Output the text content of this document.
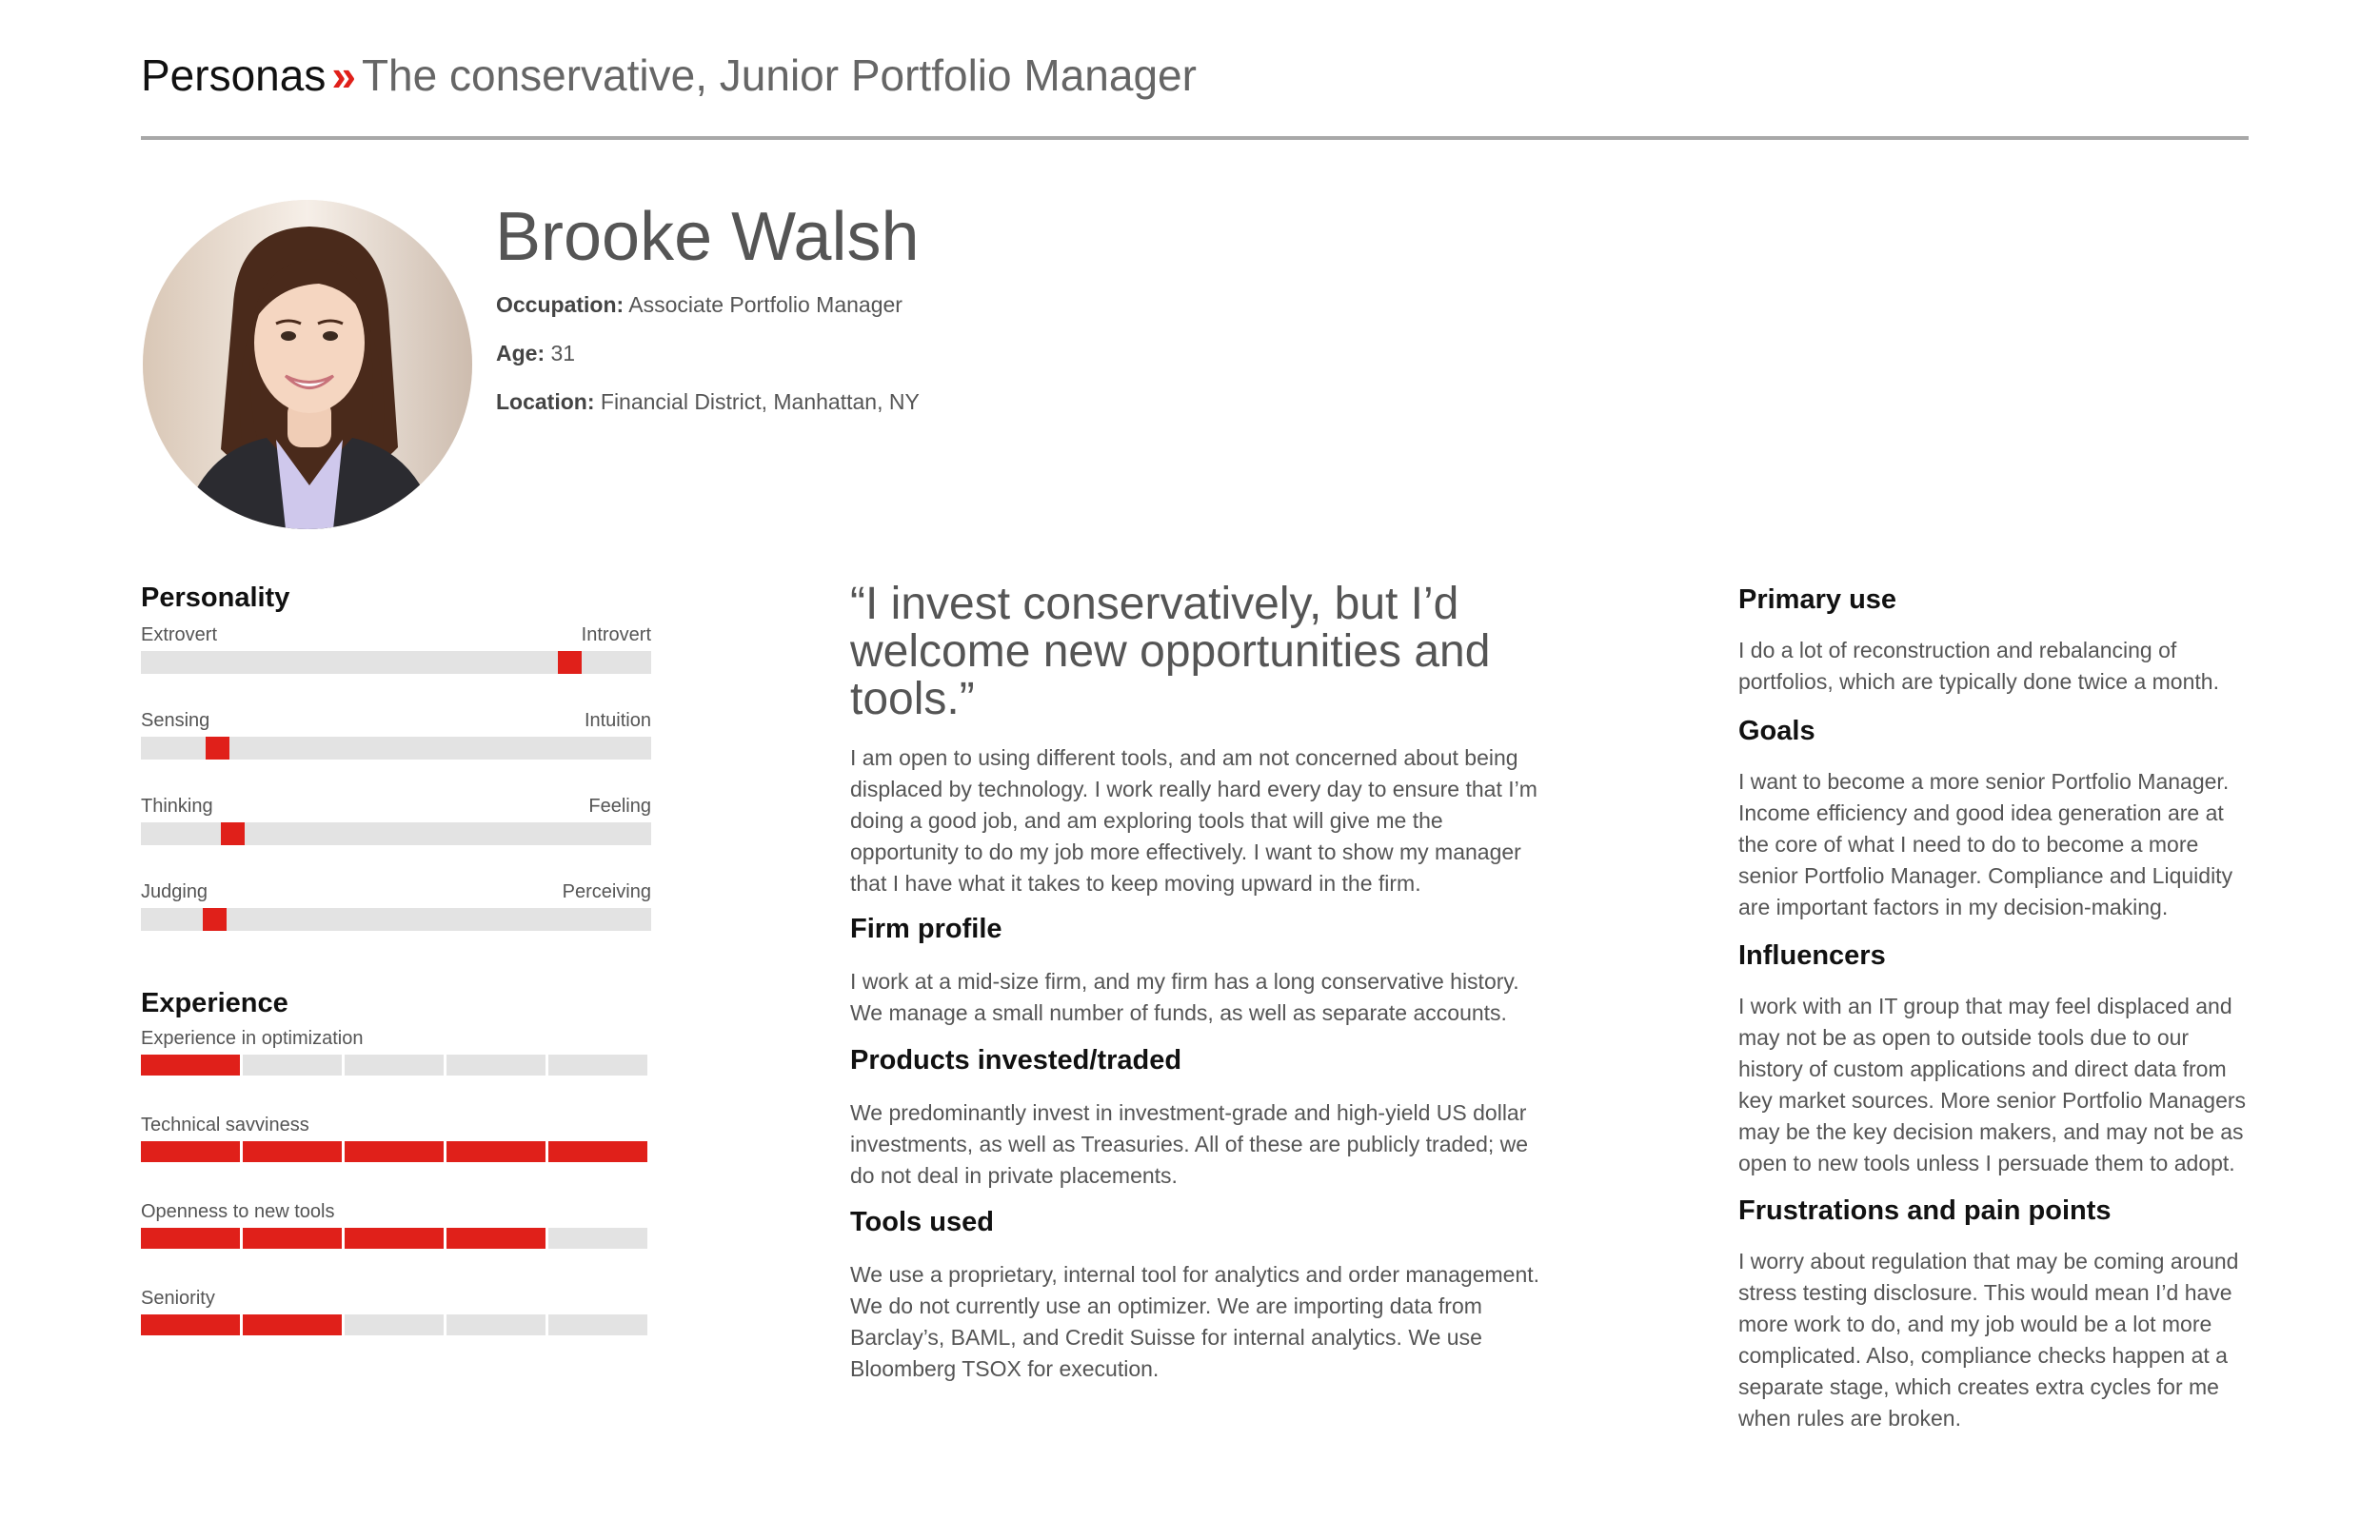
Personas » The conservative, Junior Portfolio Manager
Brooke Walsh
Occupation: Associate Portfolio Manager
Age: 31
Location: Financial District, Manhattan, NY
Personality
Extrovert	Introvert
Sensing	Intuition
Thinking	Feeling
Judging	Perceiving
Experience
Experience in optimization
Technical savviness
Openness to new tools
Seniority
“I invest conservatively, but I’d welcome new opportunities and tools.”
I am open to using different tools, and am not concerned about being displaced by technology. I work really hard every day to ensure that I’m doing a good job, and am exploring tools that will give me the opportunity to do my job more effectively. I want to show my manager that I have what it takes to keep moving upward in the firm.
Firm profile
I work at a mid-size firm, and my firm has a long conservative history. We manage a small number of funds, as well as separate accounts.
Products invested/traded
We predominantly invest in investment-grade and high-yield US dollar investments, as well as Treasuries. All of these are publicly traded; we do not deal in private placements.
Tools used
We use a proprietary, internal tool for analytics and order management. We do not currently use an optimizer. We are importing data from Barclay’s, BAML, and Credit Suisse for internal analytics. We use Bloomberg TSOX for execution.
Primary use
I do a lot of reconstruction and rebalancing of portfolios, which are typically done twice a month.
Goals
I want to become a more senior Portfolio Manager. Income efficiency and good idea generation are at the core of what I need to do to become a more senior Portfolio Manager. Compliance and Liquidity are important factors in my decision-making.
Influencers
I work with an IT group that may feel displaced and may not be as open to outside tools due to our history of custom applications and direct data from key market sources. More senior Portfolio Managers may be the key decision makers, and may not be as open to new tools unless I persuade them to adopt.
Frustrations and pain points
I worry about regulation that may be coming around stress testing disclosure. This would mean I’d have more work to do, and my job would be a lot more complicated. Also, compliance checks happen at a separate stage, which creates extra cycles for me when rules are broken.
